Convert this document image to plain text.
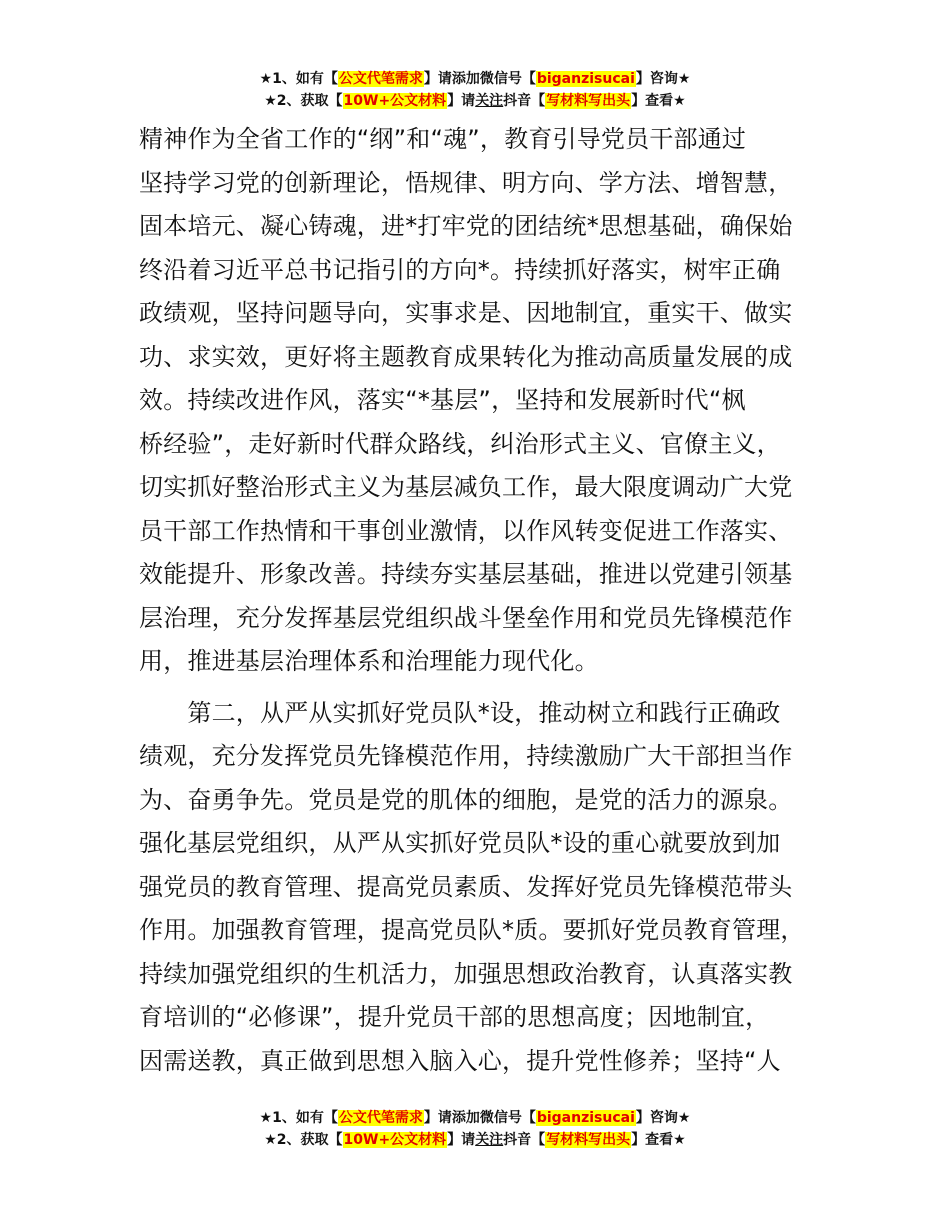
★1、如有【公文代笔需求】请添加微信号【biganzisucai】咨询★
★2、获取【10W+公文材料】请关注抖音【写材料写出头】查看★

精神作为全省工作的“纲”和“魂”，教育引导党员干部通过
坚持学习党的创新理论，悟规律、明方向、学方法、增智慧，
固本培元、凝心铸魂，进*打牢党的团结统*思想基础，确保始
终沿着习近平总书记指引的方向*。持续抓好落实，树牢正确
政绩观，坚持问题导向，实事求是、因地制宜，重实干、做实
功、求实效，更好将主题教育成果转化为推动高质量发展的成
效。持续改进作风，落实“*基层”，坚持和发展新时代“枫
桥经验”，走好新时代群众路线，纠治形式主义、官僚主义，
切实抓好整治形式主义为基层减负工作，最大限度调动广大党
员干部工作热情和干事创业激情，以作风转变促进工作落实、
效能提升、形象改善。持续夯实基层基础，推进以党建引领基
层治理，充分发挥基层党组织战斗堡垒作用和党员先锋模范作
用，推进基层治理体系和治理能力现代化。

　　第二，从严从实抓好党员队*设，推动树立和践行正确政
绩观，充分发挥党员先锋模范作用，持续激励广大干部担当作
为、奋勇争先。党员是党的肌体的细胞，是党的活力的源泉。
强化基层党组织，从严从实抓好党员队*设的重心就要放到加
强党员的教育管理、提高党员素质、发挥好党员先锋模范带头
作用。加强教育管理，提高党员队*质。要抓好党员教育管理，
持续加强党组织的生机活力，加强思想政治教育，认真落实教
育培训的“必修课”，提升党员干部的思想高度；因地制宜，
因需送教，真正做到思想入脑入心，提升党性修养；坚持“人

★1、如有【公文代笔需求】请添加微信号【biganzisucai】咨询★
★2、获取【10W+公文材料】请关注抖音【写材料写出头】查看★
